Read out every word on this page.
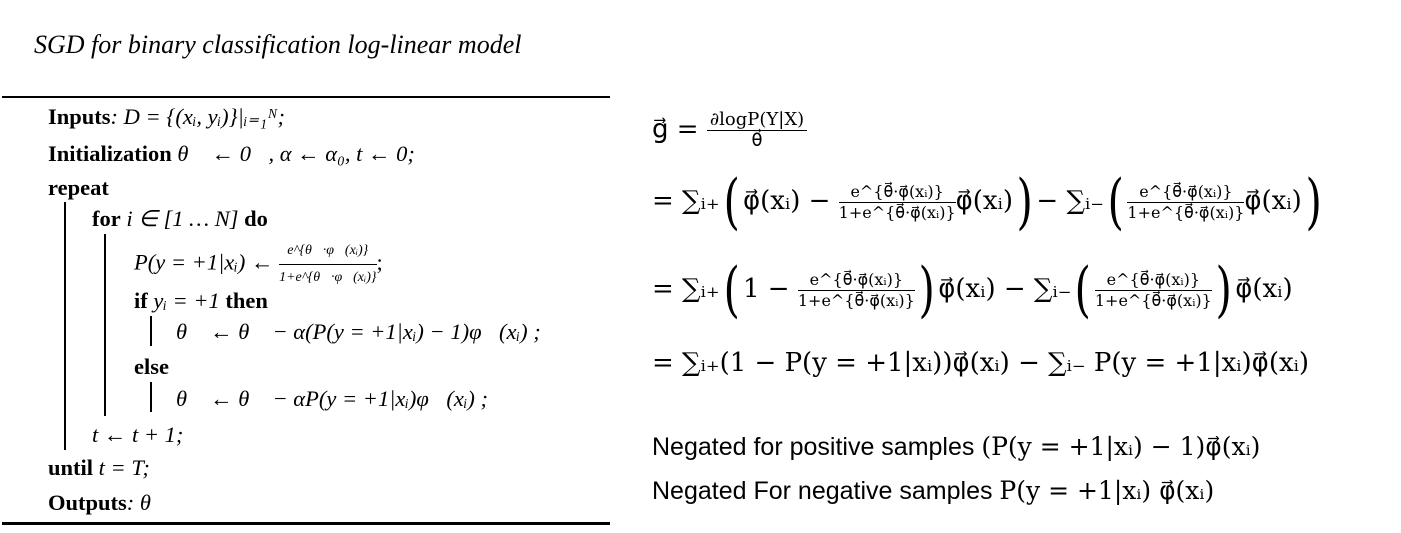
SGD for binary classification log-linear model
Inputs: D = {(xᵢ, yᵢ)}|ᵢ₌₁ᴺ;
Initialization θ⃗ ← 0⃗, α ← α₀, t ← 0;
repeat
for i ∈ [1 … N] do
P(y = +1|xᵢ) ← $\frac{\text{e\textasciicircum{}\{θ⃗·φ⃗(xᵢ)\}}}{\text{1+e\textasciicircum{}\{θ⃗·φ⃗(xᵢ)\}}}$ ;
if yᵢ = +1 then
θ⃗ ← θ⃗ − α(P(y = +1|xᵢ) − 1)φ⃗(xᵢ) ;
else
θ⃗ ← θ⃗ − αP(y = +1|xᵢ)φ⃗(xᵢ) ;
t ← t + 1;
until t = T;
Outputs: θ⃗
g⃗ = $\frac{\partial\log P(Y|X)}{\theta⃗}$
= ∑ᵢ₊( φ⃗(xᵢ) − $\frac{\text{e\textasciicircum{}\{θ⃗·φ⃗(xᵢ)\}}}{\text{1+e\textasciicircum{}\{θ⃗·φ⃗(xᵢ)\}}}$ φ⃗(xᵢ)) − ∑ᵢ₋( $\frac{\text{e\textasciicircum{}\{θ⃗·φ⃗(xᵢ)\}}}{\text{1+e\textasciicircum{}\{θ⃗·φ⃗(xᵢ)\}}}$ φ⃗(xᵢ))
= ∑ᵢ₊( $1 - \frac{\text{e\textasciicircum{}\{θ⃗·φ⃗(xᵢ)\}}}{\text{1+e\textasciicircum{}\{θ⃗·φ⃗(xᵢ)\}}}$ ) φ⃗(xᵢ) − ∑ᵢ₋( $\frac{\text{e\textasciicircum{}\{θ⃗·φ⃗(xᵢ)\}}}{\text{1+e\textasciicircum{}\{θ⃗·φ⃗(xᵢ)\}}}$ ) φ⃗(xᵢ)
= ∑ᵢ₊(1 − P(y = +1|xᵢ))φ⃗(xᵢ) − ∑ᵢ₋ P(y = +1|xᵢ)φ⃗(xᵢ)
Negated for positive samples (P(y = +1|xᵢ) − 1)φ⃗(xᵢ)
Negated For negative samples P(y = +1|xᵢ) φ⃗(xᵢ)
